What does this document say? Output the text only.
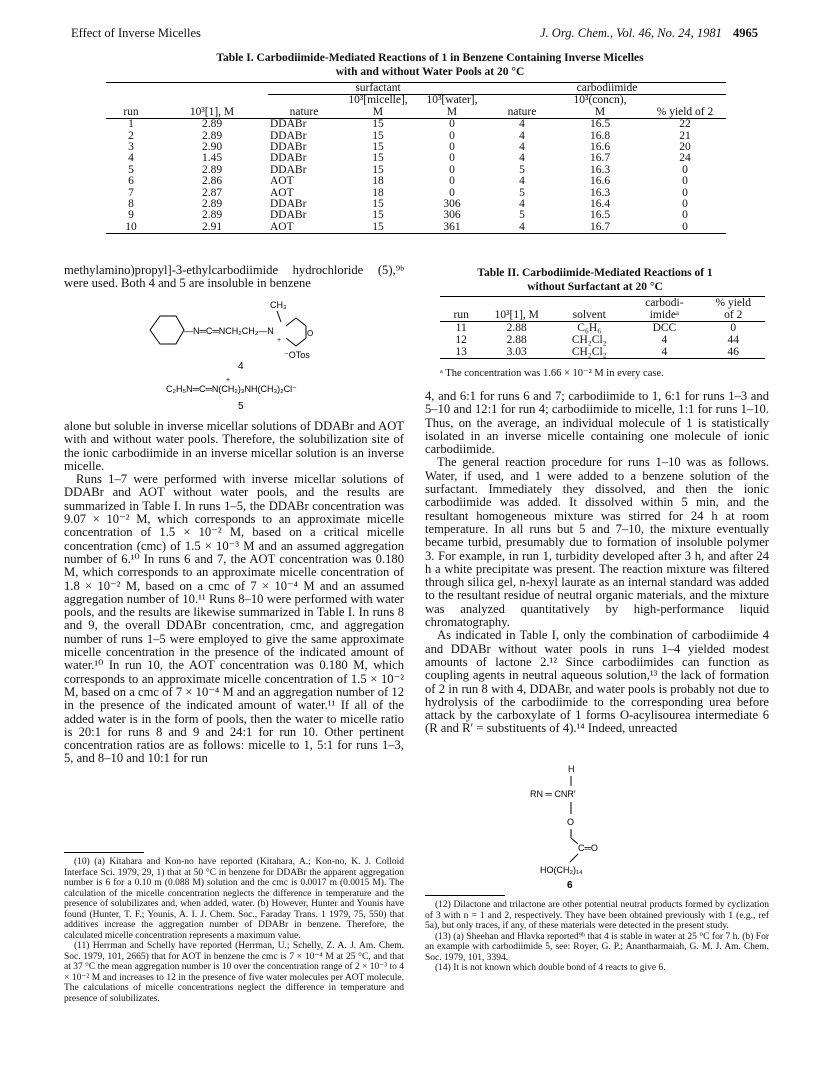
Effect of Inverse Micelles	J. Org. Chem., Vol. 46, No. 24, 1981 4965
Table I. Carbodiimide-Mediated Reactions of 1 in Benzene Containing Inverse Micelles
with and without Water Pools at 20 °C
		surfactant			carbodiimide		
			10³[micelle],	10³[water],		10³(concn),	
run	10³[1], M	nature	M	M	nature	M	% yield of 2
1	2.89	DDABr	15	0	4	16.5	22
2	2.89	DDABr	15	0	4	16.8	21
3	2.90	DDABr	15	0	4	16.6	20
4	1.45	DDABr	15	0	4	16.7	24
5	2.89	DDABr	15	0	5	16.3	0
6	2.86	AOT	18	0	4	16.6	0
7	2.87	AOT	18	0	5	16.3	0
8	2.89	DDABr	15	306	4	16.4	0
9	2.89	DDABr	15	306	5	16.5	0
10	2.91	AOT	15	361	4	16.7	0

methylamino)propyl]-3-ethylcarbodiimide hydrochloride (5),⁹ᵇ were used. Both 4 and 5 are insoluble in benzene

CH₃
—N═C═NCH₂CH₂—N
+
O
⁻OTos
4
+
C₂H₅N═C═N(CH₂)₃NH(CH₃)₂Cl⁻
5

alone but soluble in inverse micellar solutions of DDABr and AOT with and without water pools. Therefore, the solubilization site of the ionic carbodiimide in an inverse micellar solution is an inverse micelle.

Runs 1–7 were performed with inverse micellar solutions of DDABr and AOT without water pools, and the results are summarized in Table I. In runs 1–5, the DDABr concentration was 9.07 × 10⁻² M, which corresponds to an approximate micelle concentration of 1.5 × 10⁻² M, based on a critical micelle concentration (cmc) of 1.5 × 10⁻³ M and an assumed aggregation number of 6.¹⁰ In runs 6 and 7, the AOT concentration was 0.180 M, which corresponds to an approximate micelle concentration of 1.8 × 10⁻² M, based on a cmc of 7 × 10⁻⁴ M and an assumed aggregation number of 10.¹¹ Runs 8–10 were performed with water pools, and the results are likewise summarized in Table I. In runs 8 and 9, the overall DDABr concentration, cmc, and aggregation number of runs 1–5 were employed to give the same approximate micelle concentration in the presence of the indicated amount of water.¹⁰ In run 10, the AOT concentration was 0.180 M, which corresponds to an approximate micelle concentration of 1.5 × 10⁻² M, based on a cmc of 7 × 10⁻⁴ M and an aggregation number of 12 in the presence of the indicated amount of water.¹¹ If all of the added water is in the form of pools, then the water to micelle ratio is 20:1 for runs 8 and 9 and 24:1 for run 10. Other pertinent concentration ratios are as follows: micelle to 1, 5:1 for runs 1–3, 5, and 8–10 and 10:1 for run

(10) (a) Kitahara and Kon-no have reported (Kitahara, A.; Kon-no, K. J. Colloid Interface Sci. 1979, 29, 1) that at 50 °C in benzene for DDABr the apparent aggregation number is 6 for a 0.10 m (0.088 M) solution and the cmc is 0.0017 m (0.0015 M). The calculation of the micelle concentration neglects the difference in temperature and the presence of solubilizates and, when added, water. (b) However, Hunter and Younis have found (Hunter, T. F.; Younis, A. I. J. Chem. Soc., Faraday Trans. 1 1979, 75, 550) that additives increase the aggregation number of DDABr in benzene. Therefore, the calculated micelle concentration represents a maximum value.

(11) Herrman and Schelly have reported (Herrman, U.; Schelly, Z. A. J. Am. Chem. Soc. 1979, 101, 2665) that for AOT in benzene the cmc is 7 × 10⁻⁴ M at 25 °C, and that at 37 °C the mean aggregation number is 10 over the concentration range of 2 × 10⁻³ to 4 × 10⁻² M and increases to 12 in the presence of five water molecules per AOT molecule. The calculations of micelle concentrations neglect the difference in temperature and presence of solubilizates.

Table II. Carbodiimide-Mediated Reactions of 1
without Surfactant at 20 °C
			carbodi-	% yield
run	10³[1], M	solvent	imideᵃ	of 2
11	2.88	C₆H₆	DCC	0
12	2.88	CH₂Cl₂	4	44
13	3.03	CH₂Cl₂	4	46
ᵃ The concentration was 1.66 × 10⁻² M in every case.

4, and 6:1 for runs 6 and 7; carbodiimide to 1, 6:1 for runs 1–3 and 5–10 and 12:1 for run 4; carbodiimide to micelle, 1:1 for runs 1–10. Thus, on the average, an individual molecule of 1 is statistically isolated in an inverse micelle containing one molecule of ionic carbodiimide.

The general reaction procedure for runs 1–10 was as follows. Water, if used, and 1 were added to a benzene solution of the surfactant. Immediately they dissolved, and then the ionic carbodiimide was added. It dissolved within 5 min, and the resultant homogeneous mixture was stirred for 24 h at room temperature. In all runs but 5 and 7–10, the mixture eventually became turbid, presumably due to formation of insoluble polymer 3. For example, in run 1, turbidity developed after 3 h, and after 24 h a white precipitate was present. The reaction mixture was filtered through silica gel, n-hexyl laurate as an internal standard was added to the resultant residue of neutral organic materials, and the mixture was analyzed quantitatively by high-performance liquid chromatography.

As indicated in Table I, only the combination of carbodiimide 4 and DDABr without water pools in runs 1–4 yielded modest amounts of lactone 2.¹² Since carbodiimides can function as coupling agents in neutral aqueous solution,¹³ the lack of formation of 2 in run 8 with 4, DDABr, and water pools is probably not due to hydrolysis of the carbodiimide to the corresponding urea before attack by the carboxylate of 1 forms O-acylisourea intermediate 6 (R and R′ = substituents of 4).¹⁴ Indeed, unreacted

H
RN ═ CNR′
O
C═O
HO(CH₂)₁₄
6

(12) Dilactone and trilactone are other potential neutral products formed by cyclization of 3 with n = 1 and 2, respectively. They have been obtained previously with 1 (e.g., ref 5a), but only traces, if any, of these materials were detected in the present study.

(13) (a) Sheehan and Hlavka reported⁹ᵇ that 4 is stable in water at 25 °C for 7 h. (b) For an example with carbodiimide 5, see: Royer, G. P.; Anantharmaiah, G. M. J. Am. Chem. Soc. 1979, 101, 3394.

(14) It is not known which double bond of 4 reacts to give 6.
